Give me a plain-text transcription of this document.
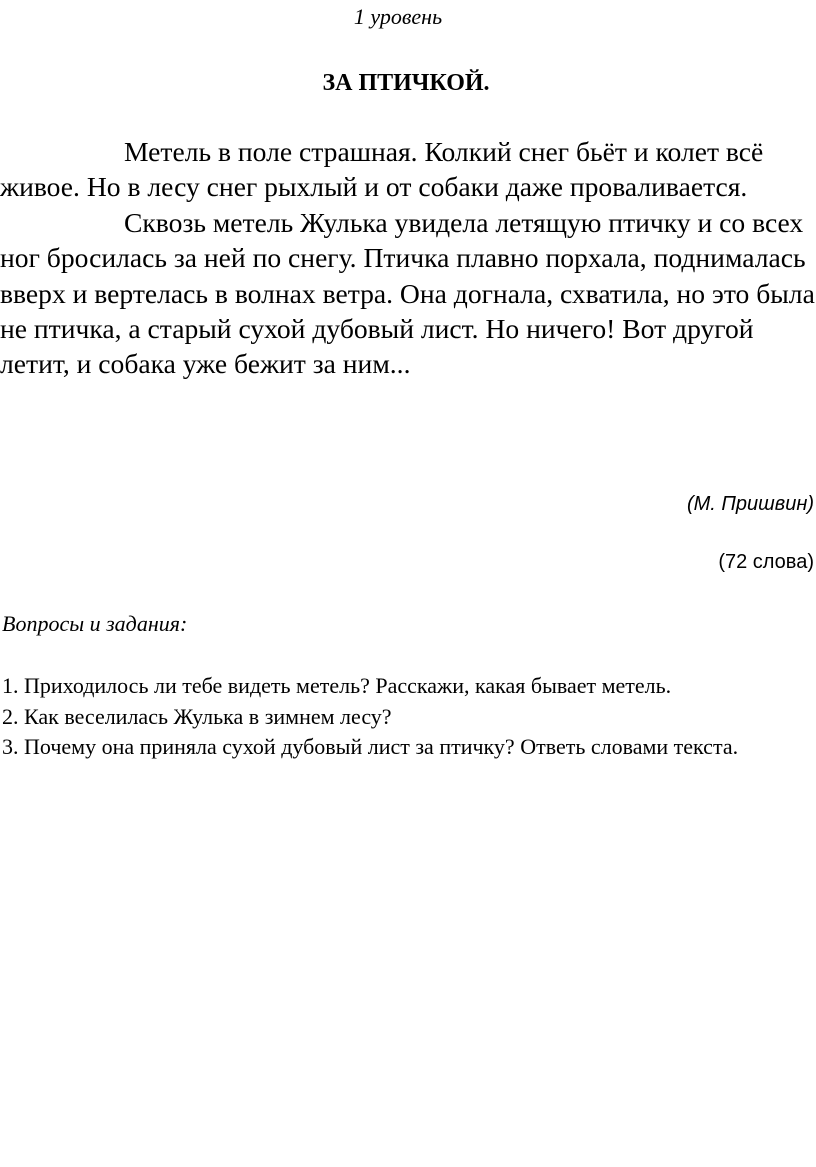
1 уровень
ЗА ПТИЧКОЙ.

Метель в поле страшная. Колкий снег бьёт и колет всё живое. Но в лесу снег рыхлый и от собаки даже проваливается.

Сквозь метель Жулька увидела летящую птичку и со всех ног бросилась за ней по снегу. Птичка плавно порхала, поднималась вверх и вертелась в волнах ветра. Она догнала, схватила, но это была не птичка, а старый сухой дубовый лист. Но ничего! Вот другой летит, и собака уже бежит за ним...

(М. Пришвин)
(72 слова)
Вопросы и задания:
1. Приходилось ли тебе видеть метель? Расскажи, какая бывает метель.
2. Как веселилась Жулька в зимнем лесу?
3. Почему она приняла сухой дубовый лист за птичку? Ответь словами текста.
